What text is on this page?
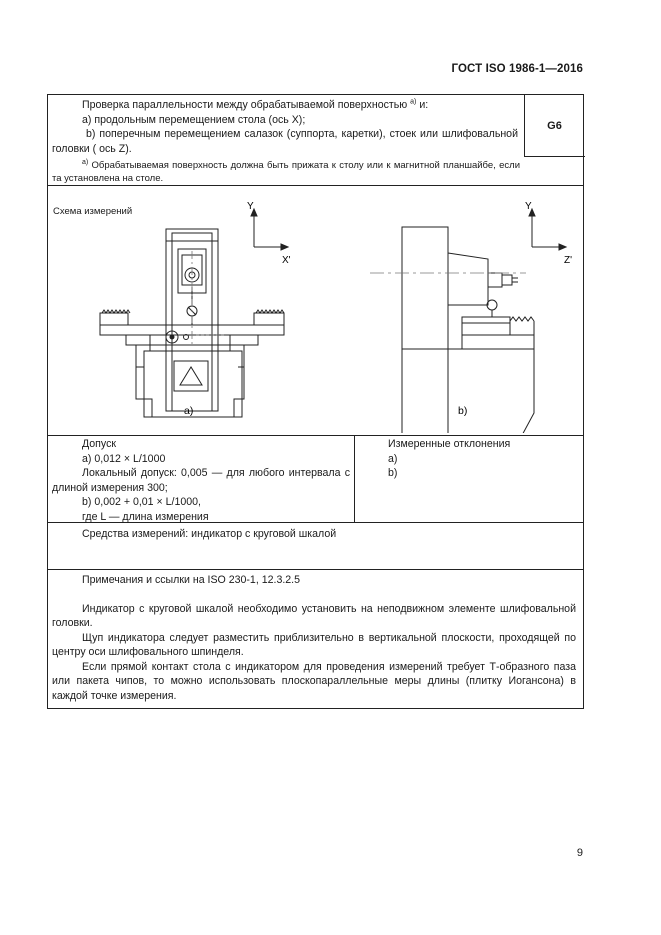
ГОСТ ISO 1986-1—2016

Проверка параллельности между обрабатываемой поверхностью $^{a)}$ и:

a) продольным перемещением стола (ось X);

b) поперечным перемещением салазок (суппорта, каретки), стоек или шлифовальной головки ( ось Z).

G6
$^{a)}$ Обрабатываемая поверхность должна быть прижата к столу или к магнитной планшайбе, если та установлена на столе.
Схема измерений	Y
X'
a)
Y
Z'
b)

Допуск

a) 0,012 × L/1000

Локальный допуск: 0,005 — для любого интервала с длиной измерения 300;

b) 0,002 + 0,01 × L/1000,

где L — длина измерения

Измеренные отклонения

a)

b)

Средства измерений: индикатор с круговой шкалой

Примечания и ссылки на ISO 230-1, 12.3.2.5

Индикатор с круговой шкалой необходимо установить на неподвижном элементе шлифовальной головки.

Щуп индикатора следует разместить приблизительно в вертикальной плоскости, проходящей по центру оси шлифовального шпинделя.

Если прямой контакт стола с индикатором для проведения измерений требует Т-образного паза или пакета чипов, то можно использовать плоскопараллельные меры длины (плитку Иогансона) в каждой точке измерения.

9
